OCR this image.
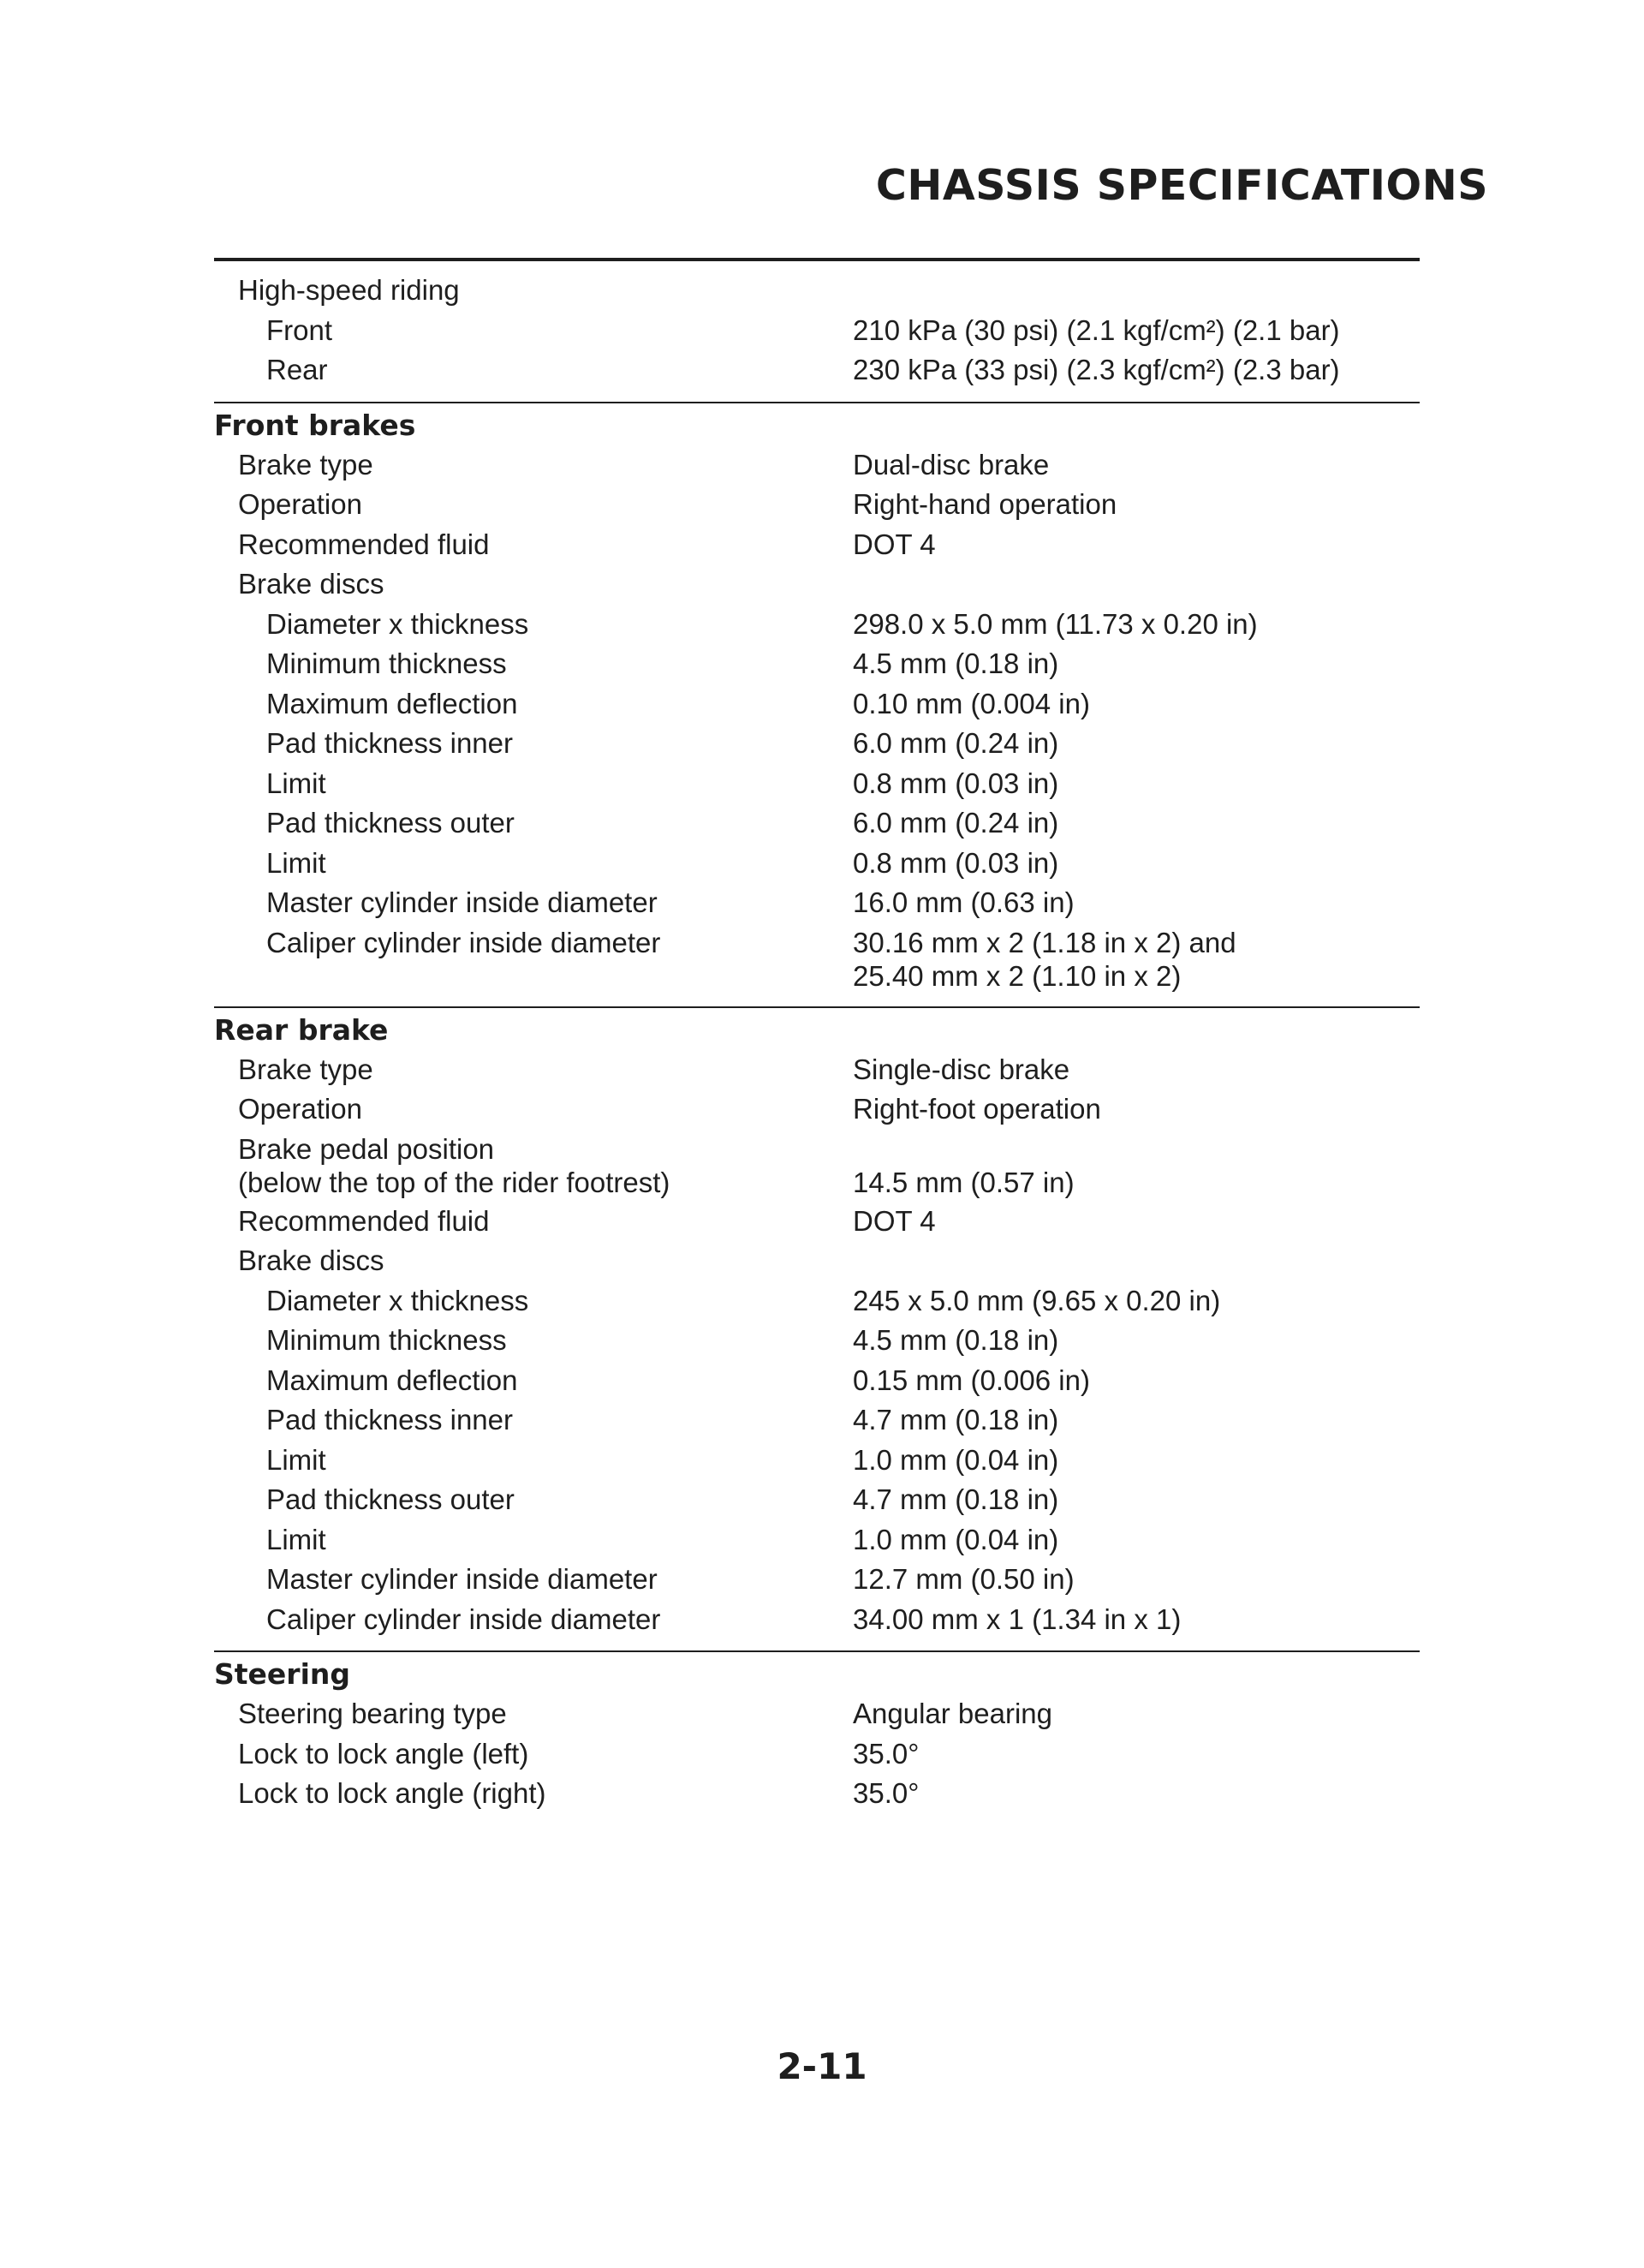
CHASSIS SPECIFICATIONS
High-speed riding
Front	210 kPa (30 psi) (2.1 kgf/cm²) (2.1 bar)
Rear	230 kPa (33 psi) (2.3 kgf/cm²) (2.3 bar)
Front brakes
Brake type	Dual-disc brake
Operation	Right-hand operation
Recommended fluid	DOT 4
Brake discs
Diameter x thickness	298.0 x 5.0 mm (11.73 x 0.20 in)
Minimum thickness	4.5 mm (0.18 in)
Maximum deflection	0.10 mm (0.004 in)
Pad thickness inner	6.0 mm (0.24 in)
Limit	0.8 mm (0.03 in)
Pad thickness outer	6.0 mm (0.24 in)
Limit	0.8 mm (0.03 in)
Master cylinder inside diameter	16.0 mm (0.63 in)
Caliper cylinder inside diameter	30.16 mm x 2 (1.18 in x 2) and
25.40 mm x 2 (1.10 in x 2)
Rear brake
Brake type	Single-disc brake
Operation	Right-foot operation
Brake pedal position
(below the top of the rider footrest)
	14.5 mm (0.57 in)
Recommended fluid	DOT 4
Brake discs
Diameter x thickness	245 x 5.0 mm (9.65 x 0.20 in)
Minimum thickness	4.5 mm (0.18 in)
Maximum deflection	0.15 mm (0.006 in)
Pad thickness inner	4.7 mm (0.18 in)
Limit	1.0 mm (0.04 in)
Pad thickness outer	4.7 mm (0.18 in)
Limit	1.0 mm (0.04 in)
Master cylinder inside diameter	12.7 mm (0.50 in)
Caliper cylinder inside diameter	34.00 mm x 1 (1.34 in x 1)
Steering
Steering bearing type	Angular bearing
Lock to lock angle (left)	35.0°
Lock to lock angle (right)	35.0°
2-11
